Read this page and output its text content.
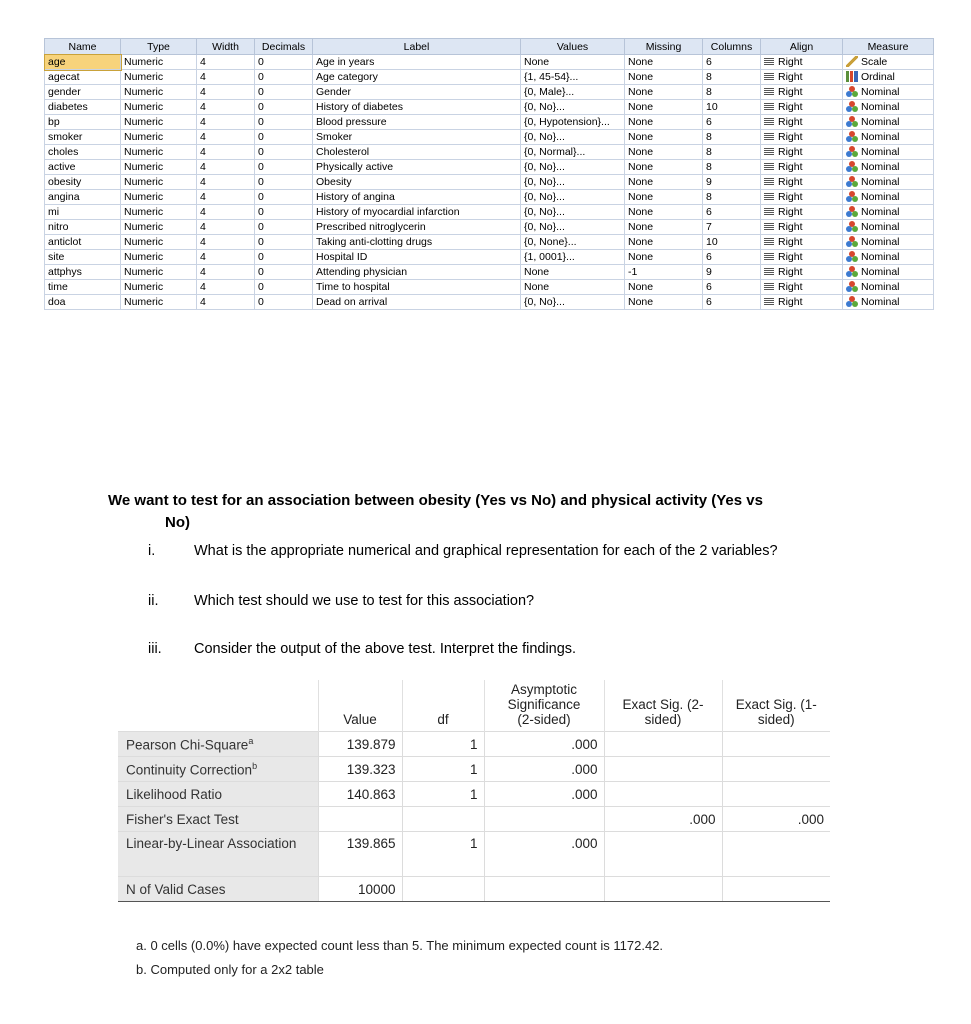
Name	Type	Width	Decimals	Label	Values	Missing	Columns	Align	Measure
age	Numeric	4	0	Age in years	None	None	6	Right	Scale
agecat	Numeric	4	0	Age category	{1, 45-54}...	None	8	Right	Ordinal
gender	Numeric	4	0	Gender	{0, Male}...	None	8	Right	Nominal
diabetes	Numeric	4	0	History of diabetes	{0, No}...	None	10	Right	Nominal
bp	Numeric	4	0	Blood pressure	{0, Hypotension}...	None	6	Right	Nominal
smoker	Numeric	4	0	Smoker	{0, No}...	None	8	Right	Nominal
choles	Numeric	4	0	Cholesterol	{0, Normal}...	None	8	Right	Nominal
active	Numeric	4	0	Physically active	{0, No}...	None	8	Right	Nominal
obesity	Numeric	4	0	Obesity	{0, No}...	None	9	Right	Nominal
angina	Numeric	4	0	History of angina	{0, No}...	None	8	Right	Nominal
mi	Numeric	4	0	History of myocardial infarction	{0, No}...	None	6	Right	Nominal
nitro	Numeric	4	0	Prescribed nitroglycerin	{0, No}...	None	7	Right	Nominal
anticlot	Numeric	4	0	Taking anti-clotting drugs	{0, None}...	None	10	Right	Nominal
site	Numeric	4	0	Hospital ID	{1, 0001}...	None	6	Right	Nominal
attphys	Numeric	4	0	Attending physician	None	-1	9	Right	Nominal
time	Numeric	4	0	Time to hospital	None	None	6	Right	Nominal
doa	Numeric	4	0	Dead on arrival	{0, No}...	None	6	Right	Nominal

We want to test for an association between obesity (Yes vs No) and physical activity (Yes vs
No)

i.	What is the appropriate numerical and graphical representation for each of the 2 variables?
ii. Which test should we use to test for this association?
iii. Consider the output of the above test. Interpret the findings.
	Value	df	Asymptotic
Significance
(2-sided)	Exact Sig. (2-
sided)	Exact Sig. (1-
sided)
Pearson Chi-Square$^a$	139.879	1	.000		
Continuity Correction$^b$	139.323	1	.000		
Likelihood Ratio	140.863	1	.000		
Fisher's Exact Test				.000	.000
Linear-by-Linear Association	139.865	1	.000		
N of Valid Cases	10000				
a. 0 cells (0.0%) have expected count less than 5. The minimum expected count is 1172.42.
b. Computed only for a 2x2 table
